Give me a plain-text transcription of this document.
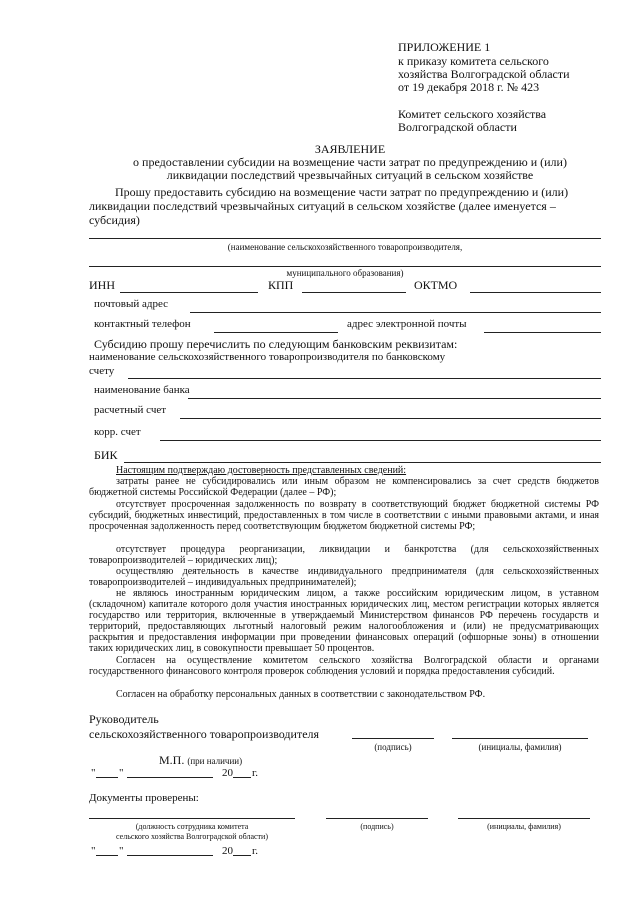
ПРИЛОЖЕНИЕ 1
к приказу комитета сельского
хозяйства Волгоградской области
от 19 декабря 2018 г. № 423
Комитет сельского хозяйства
Волгоградской области
ЗАЯВЛЕНИЕ
о предоставлении субсидии на возмещение части затрат по предупреждению и (или)
ликвидации последствий чрезвычайных ситуаций в сельском хозяйстве
Прошу предоставить субсидию на возмещение части затрат по предупреждению и (или)
ликвидации последствий чрезвычайных ситуаций в сельском хозяйстве (далее именуется –
субсидия)
(наименование сельскохозяйственного товаропроизводителя,
муниципального образования)
ИНН	КПП	ОКТМО
почтовый адрес
контактный телефон	адрес электронной почты
Субсидию прошу перечислить по следующим банковским реквизитам:
наименование сельскохозяйственного товаропроизводителя по банковскому
счету
наименование банка
расчетный счет
корр. счет
БИК
Настоящим подтверждаю достоверность представленных сведений:
затраты ранее не субсидировались или иным образом не компенсировались за счет средств бюджетов бюджетной системы Российской Федерации (далее – РФ);
отсутствует просроченная задолженность по возврату в соответствующий бюджет бюджетной системы РФ субсидий, бюджетных инвестиций, предоставленных в том числе в соответствии с иными правовыми актами, и иная просроченная задолженность перед соответствующим бюджетом бюджетной системы РФ;
отсутствует процедура реорганизации, ликвидации и банкротства (для сельскохозяйственных товаропроизводителей – юридических лиц);
осуществляю деятельность в качестве индивидуального предпринимателя (для сельскохозяйственных товаропроизводителей – индивидуальных предпринимателей);
не являюсь иностранным юридическим лицом, а также российским юридическим лицом, в уставном (складочном) капитале которого доля участия иностранных юридических лиц, местом регистрации которых является государство или территория, включенные в утверждаемый Министерством финансов РФ перечень государств и территорий, предоставляющих льготный налоговый режим налогообложения и (или) не предусматривающих раскрытия и предоставления информации при проведении финансовых операций (офшорные зоны) в отношении таких юридических лиц, в совокупности превышает 50 процентов.
Согласен на осуществление комитетом сельского хозяйства Волгоградской области и органами государственного финансового контроля проверок соблюдения условий и порядка предоставления субсидий.
Согласен на обработку персональных данных в соответствии с законодательством РФ.
Руководитель
сельскохозяйственного товаропроизводителя
(подпись)	(инициалы, фамилия)
М.П. (при наличии)
" "	20 г.
Документы проверены:
(должность сотрудника комитета
сельского хозяйства Волгоградской области)
(подпись)	(инициалы, фамилия)
" "	20 г.
